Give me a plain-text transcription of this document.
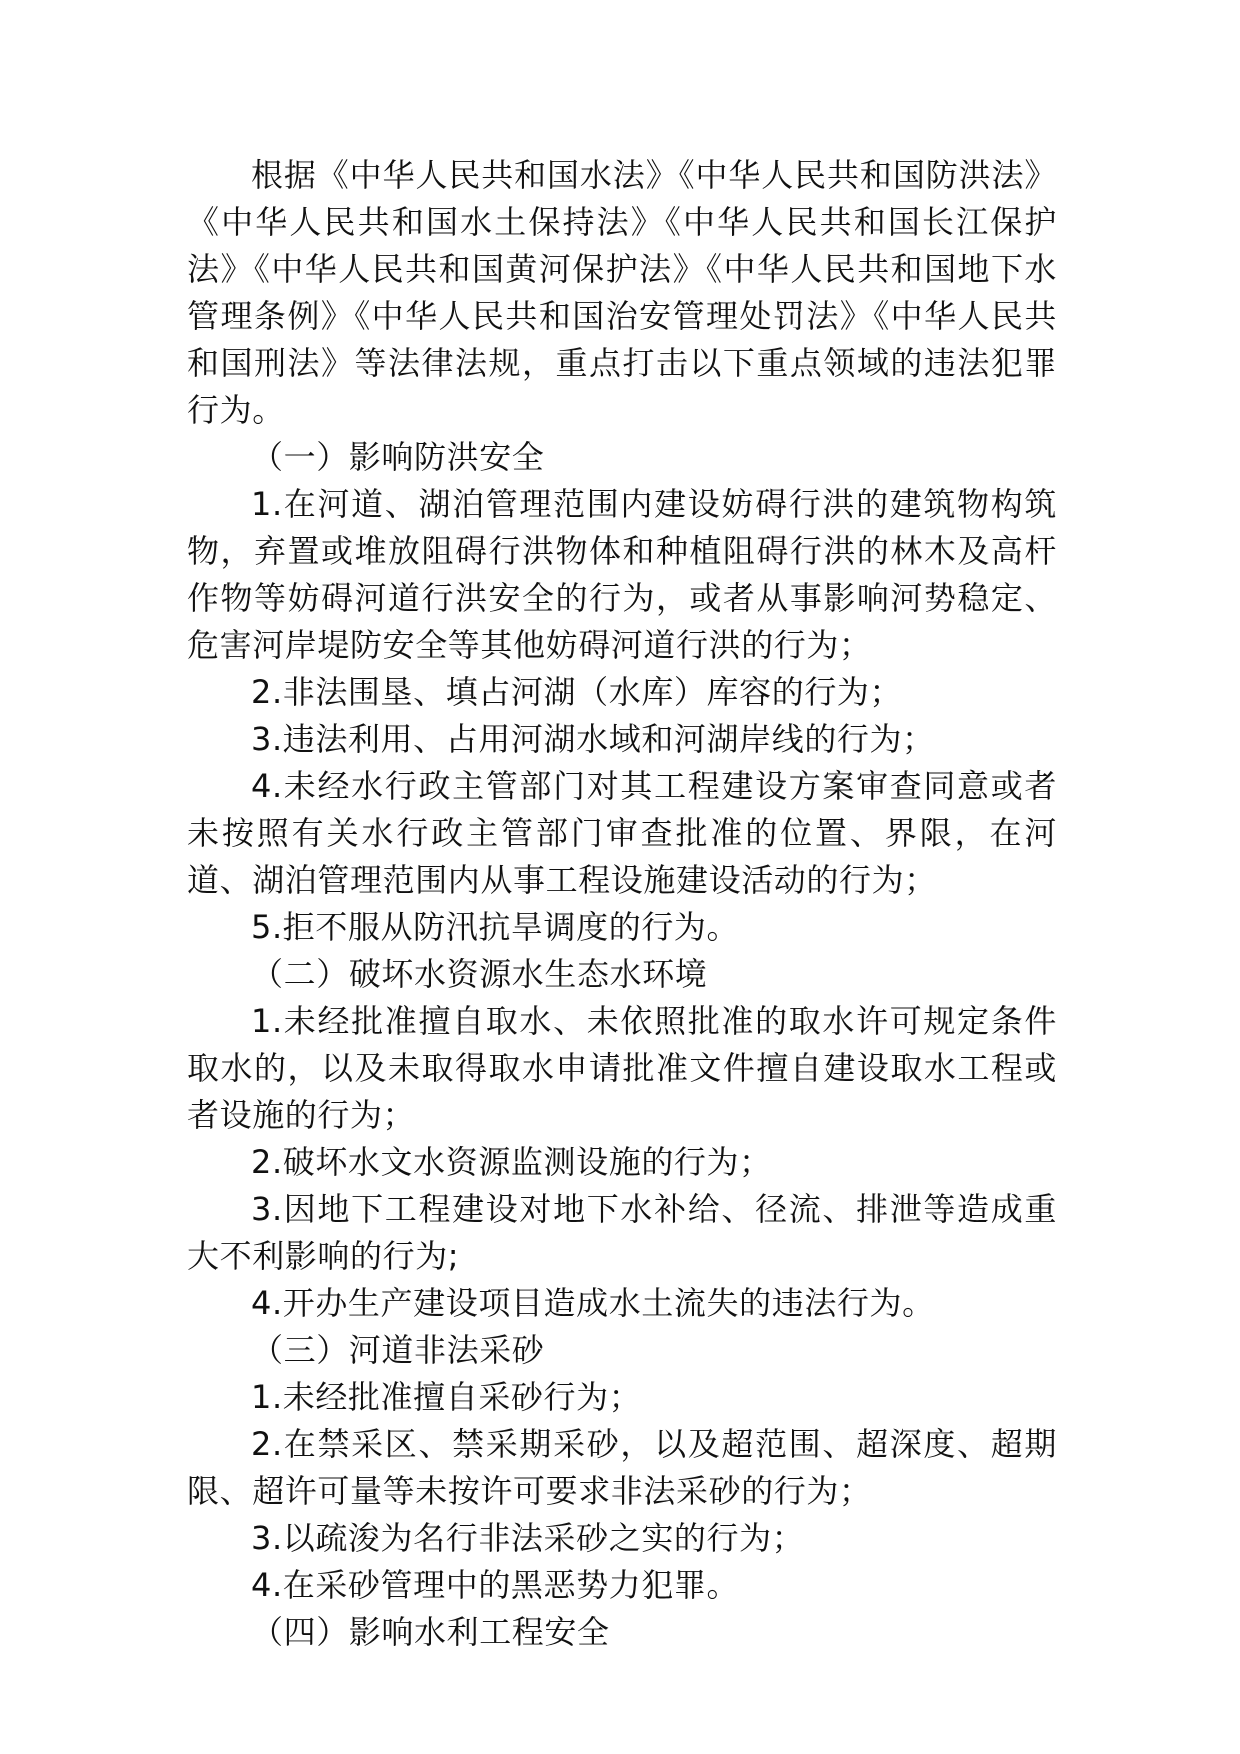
根据《中华人民共和国水法》《中华人民共和国防洪法》《中华人民共和国水土保持法》《中华人民共和国长江保护法》《中华人民共和国黄河保护法》《中华人民共和国地下水管理条例》《中华人民共和国治安管理处罚法》《中华人民共和国刑法》等法律法规，重点打击以下重点领域的违法犯罪行为。

（一）影响防洪安全

1.在河道、湖泊管理范围内建设妨碍行洪的建筑物构筑物，弃置或堆放阻碍行洪物体和种植阻碍行洪的林木及高杆作物等妨碍河道行洪安全的行为，或者从事影响河势稳定、危害河岸堤防安全等其他妨碍河道行洪的行为；

2.非法围垦、填占河湖（水库）库容的行为；

3.违法利用、占用河湖水域和河湖岸线的行为；

4.未经水行政主管部门对其工程建设方案审查同意或者未按照有关水行政主管部门审查批准的位置、界限，在河道、湖泊管理范围内从事工程设施建设活动的行为；

5.拒不服从防汛抗旱调度的行为。

（二）破坏水资源水生态水环境

1.未经批准擅自取水、未依照批准的取水许可规定条件取水的，以及未取得取水申请批准文件擅自建设取水工程或者设施的行为；

2.破坏水文水资源监测设施的行为；

3.因地下工程建设对地下水补给、径流、排泄等造成重大不利影响的行为;

4.开办生产建设项目造成水土流失的违法行为。

（三）河道非法采砂

1.未经批准擅自采砂行为；

2.在禁采区、禁采期采砂，以及超范围、超深度、超期限、超许可量等未按许可要求非法采砂的行为；

3.以疏浚为名行非法采砂之实的行为；

4.在采砂管理中的黑恶势力犯罪。

（四）影响水利工程安全
